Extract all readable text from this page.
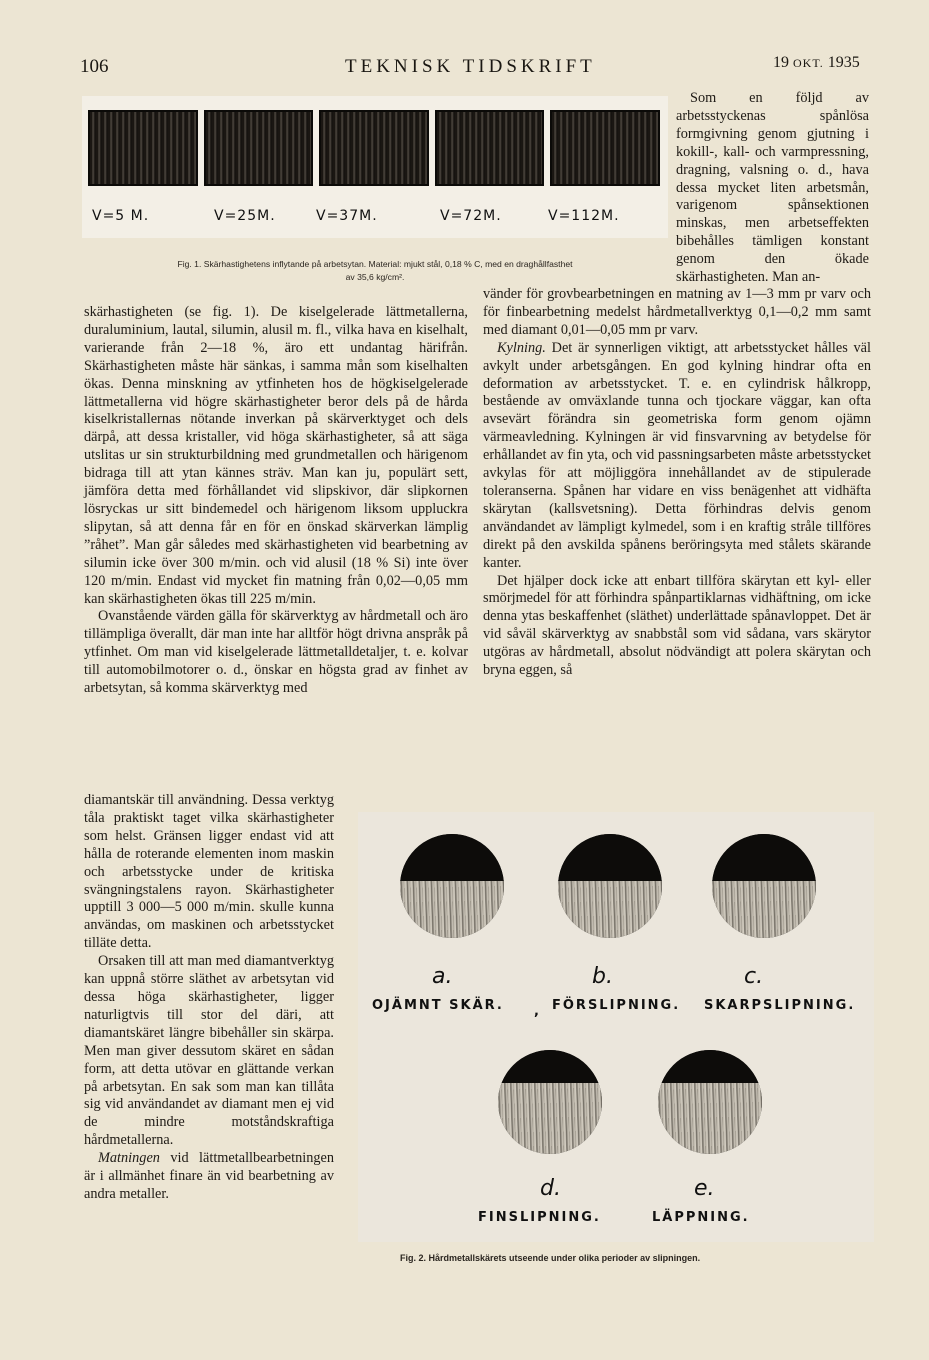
106	TEKNISK TIDSKRIFT	19 OKT. 1935
V=5 M.	V=25M.	V=37M.	V=72M.	V=112M.
Fig. 1. Skärhastighetens inflytande på arbetsytan. Material: mjukt stål, 0,18 % C, med en draghållfasthet
av 35,6 kg/cm².

Som en följd av arbetsstyckenas spånlösa formgivning genom gjutning i kokill-, kall- och varmpressning, dragning, valsning o. d., hava dessa mycket liten arbetsmån, varigenom spånsektionen minskas, men arbetseffekten bibehålles tämligen konstant genom den ökade skärhastigheten. Man an-

skärhastigheten (se fig. 1). De kiselgelerade lättmetallerna, duraluminium, lautal, silumin, alusil m. fl., vilka hava en kiselhalt, varierande från 2—18 %, äro ett undantag härifrån. Skärhastigheten måste här sänkas, i samma mån som kiselhalten ökas. Denna minskning av ytfinheten hos de högkiselgelerade lättmetallerna vid högre skärhastigheter beror dels på de hårda kiselkristallernas nötande inverkan på skärverktyget och dels därpå, att dessa kristaller, vid höga skärhastigheter, så att säga utslitas ur sin strukturbildning med grundmetallen och härigenom bidraga till att ytan kännes sträv. Man kan ju, populärt sett, jämföra detta med förhållandet vid slipskivor, där slipkornen lösryckas ur sitt bindemedel och härigenom liksom uppluckra slipytan, så att denna får en för en önskad skärverkan lämplig ”råhet”. Man går således med skärhastigheten vid bearbetning av silumin icke över 300 m/min. och vid alusil (18 % Si) inte över 120 m/min. Endast vid mycket fin matning från 0,02—0,05 mm kan skärhastigheten ökas till 225 m/min.

Ovanstående värden gälla för skärverktyg av hårdmetall och äro tillämpliga överallt, där man inte har alltför högt drivna anspråk på ytfinhet. Om man vid kiselgelerade lättmetalldetaljer, t. e. kolvar till automobilmotorer o. d., önskar en högsta grad av finhet av arbetsytan, så komma skärverktyg med

diamantskär till användning. Dessa verktyg tåla praktiskt taget vilka skärhastigheter som helst. Gränsen ligger endast vid att hålla de roterande elementen inom maskin och arbetsstycke under de kritiska svängningstalens rayon. Skärhastigheter upptill 3 000—5 000 m/min. skulle kunna användas, om maskinen och arbetsstycket tilläte detta.

Orsaken till att man med diamantverktyg kan uppnå större släthet av arbetsytan vid dessa höga skärhastigheter, ligger naturligtvis till stor del däri, att diamantskäret längre bibehåller sin skärpa. Men man giver dessutom skäret en sådan form, att detta utövar en glättande verkan på arbetsytan. En sak som man kan tillåta sig vid användandet av diamant men ej vid de mindre motståndskraftiga hårdmetallerna.

Matningen vid lättmetallbearbetningen är i allmänhet finare än vid bearbetning av andra metaller.

vänder för grovbearbetningen en matning av 1—3 mm pr varv och för finbearbetning medelst hårdmetallverktyg 0,1—0,2 mm samt med diamant 0,01—0,05 mm pr varv.

Kylning. Det är synnerligen viktigt, att arbetsstycket hålles väl avkylt under arbetsgången. En god kylning hindrar ofta en deformation av arbetsstycket. T. e. en cylindrisk hålkropp, bestående av omväxlande tunna och tjockare väggar, kan ofta avsevärt förändra sin geometriska form genom ojämn värmeavledning. Kylningen är vid finsvarvning av betydelse för erhållandet av fin yta, och vid passningsarbeten måste arbetsstycket avkylas för att möjliggöra innehållandet av de stipulerade toleranserna. Spånen har vidare en viss benägenhet att vidhäfta skärytan (kallsvetsning). Detta förhindras delvis genom användandet av lämpligt kylmedel, som i en kraftig stråle tillföres direkt på den avskilda spånens beröringsyta med stålets skärande kanter.

Det hjälper dock icke att enbart tillföra skärytan ett kyl- eller smörjmedel för att förhindra spånpartiklarnas vidhäftning, om icke denna ytas beskaffenhet (släthet) underlättade spånavloppet. Det är vid såväl skärverktyg av snabbstål som vid sådana, vars skärytor utgöras av hårdmetall, absolut nödvändigt att polera skärytan och bryna eggen, så

a.	b.	c.
OJÄMNT SKÄR. , FÖRSLIPNING. SKARPSLIPNING.
d.	e.
FINSLIPNING.	LÄPPNING.
Fig. 2. Hårdmetallskärets utseende under olika perioder av slipningen.
